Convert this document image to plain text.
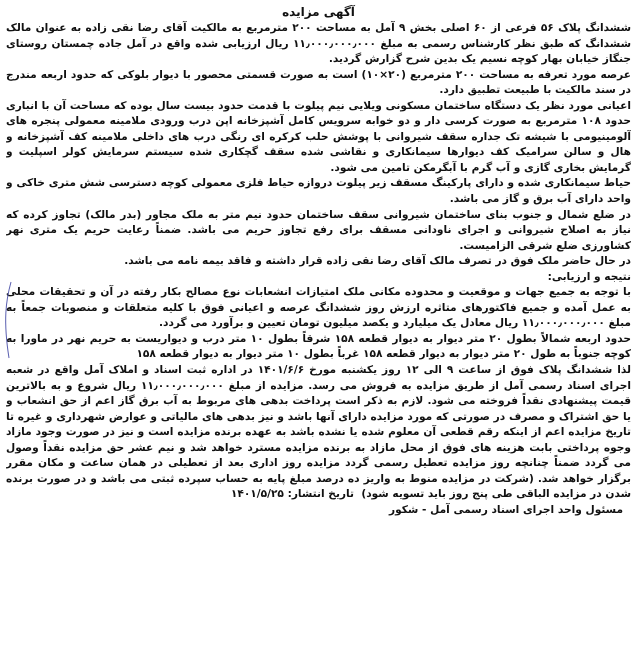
آگهی مزایده

ششدانگ پلاک ۵۶ فرعی از ۶۰ اصلی بخش ۹ آمل به مساحت ۲۰۰ مترمربع به مالکیت آقای رضا نقی زاده به عنوان مالک ششدانگ که طبق نظر کارشناس رسمی به مبلغ ۱۱٫۰۰۰٫۰۰۰٫۰۰۰ ریال ارزیابی شده واقع در آمل جاده چمستان روستای جنگاز خیابان بهار کوچه نسیم یک بدین شرح گزارش گردید.

عرصه مورد تعرفه به مساحت ۲۰۰ مترمربع (۲۰×۱۰) است به صورت قسمتی محصور با دیوار بلوکی که حدود اربعه مندرج در سند مالکیت با طبیعت تطبیق دارد.

اعیانی مورد نظر یک دستگاه ساختمان مسکونی ویلایی نیم پیلوت با قدمت حدود بیست سال بوده که مساحت آن با انباری حدود ۱۰۸ مترمربع به صورت کرسی دار و دو خوابه سرویس کامل آشپزخانه اپن درب ورودی ملامینه معمولی پنجره های آلومینیومی با شیشه تک جداره سقف شیروانی با پوشش حلب کرکره ای رنگی درب های داخلی ملامینه کف آشپزخانه و هال و سالن سرامیک کف دیوارها سیمانکاری و نقاشی شده سقف گچکاری شده سیستم سرمایش کولر اسپلیت و گرمایش بخاری گازی و آب گرم با آبگرمکن تامین می شود.

حیاط سیمانکاری شده و دارای پارکینگ مسقف زیر پیلوت دروازه حیاط فلزی معمولی کوچه دسترسی شش متری خاکی و واحد دارای آب برق و گاز می باشد.

در ضلع شمال و جنوب بنای ساختمان شیروانی سقف ساختمان حدود نیم متر به ملک مجاور (بدر مالک) تجاوز کرده که نیاز به اصلاح شیروانی و اجرای ناودانی مسقف برای رفع تجاوز حریم می باشد. ضمناً رعایت حریم یک متری نهر کشاورزی ضلع شرقی الزامیست.

در حال حاضر ملک فوق در تصرف مالک آقای رضا نقی زاده قرار داشته و فاقد بیمه نامه می باشد.

نتیجه و ارزیابی:

با توجه به جمیع جهات و موقعیت و محدوده مکانی ملک امتیازات انشعابات نوع مصالح بکار رفته در آن و تحقیقات محلی به عمل آمده و جمیع فاکتورهای متاثره ارزش روز ششدانگ عرصه و اعیانی فوق با کلیه متعلقات و منصوبات جمعاً به مبلغ ۱۱٫۰۰۰٫۰۰۰٫۰۰۰ ریال معادل یک میلیارد و یکصد میلیون تومان تعیین و برآورد می گردد.

حدود اربعه شمالاً بطول ۲۰ متر دیوار به دیوار قطعه ۱۵۸ شرقاً بطول ۱۰ متر درب و دیواریست به حریم نهر در ماورا به کوچه جنوباً به طول ۲۰ متر دیوار به دیوار قطعه ۱۵۸ غرباً بطول ۱۰ متر دیوار به دیوار قطعه ۱۵۸

لذا ششدانگ پلاک فوق از ساعت ۹ الی ۱۲ روز یکشنبه مورخ ۱۴۰۱/۶/۶ در اداره ثبت اسناد و املاک آمل واقع در شعبه اجرای اسناد رسمی آمل از طریق مزایده به فروش می رسد. مزایده از مبلغ ۱۱٫۰۰۰٫۰۰۰٫۰۰۰ ریال شروع و به بالاترین قیمت پیشنهادی نقداً فروخته می شود. لازم به ذکر است پرداخت بدهی های مربوط به آب برق گاز اعم از حق انشعاب و یا حق اشتراک و مصرف در صورتی که مورد مزایده دارای آنها باشد و نیز بدهی های مالیاتی و عوارض شهرداری و غیره تا تاریخ مزایده اعم از اینکه رقم قطعی آن معلوم شده یا نشده باشد به عهده برنده مزایده است و نیز در صورت وجود مازاد وجوه پرداختی بابت هزینه های فوق از محل مازاد به برنده مزایده مسترد خواهد شد و نیم عشر حق مزایده نقداً وصول می گردد ضمناً چنانچه روز مزایده تعطیل رسمی گردد مزایده روز اداری بعد از تعطیلی در همان ساعت و مکان مقرر برگزار خواهد شد. (شرکت در مزایده منوط به واریز ده درصد مبلغ پایه به حساب سپرده ثبتی می باشد و در صورت برنده شدن در مزایده الباقی طی پنج روز باید تسویه شود)  تاریخ انتشار: ۱۴۰۱/۵/۲۵

مسئول واحد اجرای اسناد رسمی آمل - شکور
